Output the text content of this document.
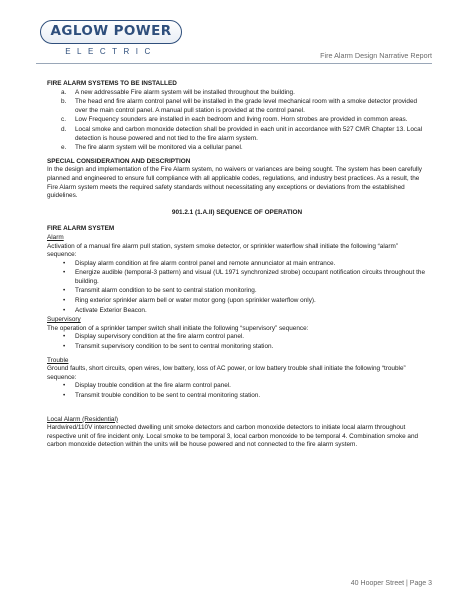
AGLOW POWER
ELECTRIC	Fire Alarm Design Narrative Report

FIRE ALARM SYSTEMS TO BE INSTALLED

a. A new addressable Fire alarm system will be installed throughout the building.
b. The head end fire alarm control panel will be installed in the grade level mechanical room with a smoke detector provided over the main control panel. A manual pull station is provided at the control panel.
c. Low Frequency sounders are installed in each bedroom and living room. Horn strobes are provided in common areas.
d. Local smoke and carbon monoxide detection shall be provided in each unit in accordance with 527 CMR Chapter 13. Local detection is house powered and not tied to the fire alarm system.
e. The fire alarm system will be monitored via a cellular panel.

SPECIAL CONSIDERATION AND DESCRIPTION

In the design and implementation of the Fire Alarm system, no waivers or variances are being sought. The system has been carefully planned and engineered to ensure full compliance with all applicable codes, regulations, and industry best practices. As a result, the Fire Alarm system meets the required safety standards without necessitating any exceptions or deviations from the established guidelines.

901.2.1 (1.A.II) SEQUENCE OF OPERATION

FIRE ALARM SYSTEM

Alarm

Activation of a manual fire alarm pull station, system smoke detector, or sprinkler waterflow shall initiate the following “alarm” sequence:

• Display alarm condition at fire alarm control panel and remote annunciator at main entrance.
• Energize audible (temporal-3 pattern) and visual (UL 1971 synchronized strobe) occupant notification circuits throughout the building.
• Transmit alarm condition to be sent to central station monitoring.
• Ring exterior sprinkler alarm bell or water motor gong (upon sprinkler waterflow only).
• Activate Exterior Beacon.

Supervisory

The operation of a sprinkler tamper switch shall initiate the following “supervisory” sequence:

• Display supervisory condition at the fire alarm control panel.
• Transmit supervisory condition to be sent to central monitoring station.

Trouble

Ground faults, short circuits, open wires, low battery, loss of AC power, or low battery trouble shall initiate the following “trouble” sequence:

• Display trouble condition at the fire alarm control panel.
• Transmit trouble condition to be sent to central monitoring station.

Local Alarm (Residential)

Hardwired/110V interconnected dwelling unit smoke detectors and carbon monoxide detectors to initiate local alarm throughout respective unit of fire incident only. Local smoke to be temporal 3, local carbon monoxide to be temporal 4. Combination smoke and carbon monoxide detection within the units will be house powered and not connected to the fire alarm system.

40 Hooper Street | Page 3
